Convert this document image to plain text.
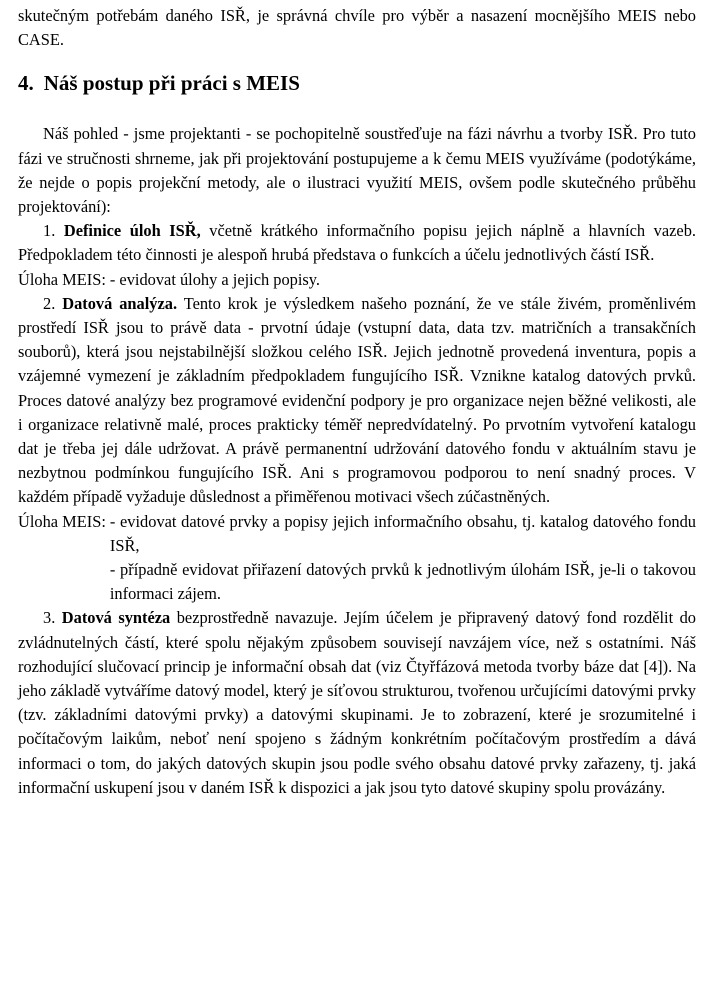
skutečným potřebám daného ISŘ, je správná chvíle pro výběr a nasazení mocnějšího MEIS nebo CASE.

4. Náš postup při práci s MEIS

Náš pohled - jsme projektanti - se pochopitelně soustřeďuje na fázi návrhu a tvorby ISŘ. Pro tuto fázi ve stručnosti shrneme, jak při projektování postupujeme a k čemu MEIS využíváme (podotýkáme, že nejde o popis projekční metody, ale o ilustraci využití MEIS, ovšem podle skutečného průběhu projektování):

1. Definice úloh ISŘ, včetně krátkého informačního popisu jejich náplně a hlavních vazeb. Předpokladem této činnosti je alespoň hrubá představa o funkcích a účelu jednotlivých částí ISŘ.

Úloha MEIS: - evidovat úlohy a jejich popisy.

2. Datová analýza. Tento krok je výsledkem našeho poznání, že ve stále živém, proměnlivém prostředí ISŘ jsou to právě data - prvotní údaje (vstupní data, data tzv. matričních a transakčních souborů), která jsou nejstabilnější složkou celého ISŘ. Jejich jednotně provedená inventura, popis a vzájemné vymezení je základním předpokladem fungujícího ISŘ. Vznikne katalog datových prvků. Proces datové analýzy bez programové evidenční podpory je pro organizace nejen běžné velikosti, ale i organizace relativně malé, proces prakticky téměř nepredvídatelný. Po prvotním vytvoření katalogu dat je třeba jej dále udržovat. A právě permanentní udržování datového fondu v aktuálním stavu je nezbytnou podmínkou fungujícího ISŘ. Ani s programovou podporou to není snadný proces. V každém případě vyžaduje důslednost a přiměřenou motivaci všech zúčastněných.

Úloha MEIS: - evidovat datové prvky a popisy jejich informačního obsahu, tj. katalog datového fondu ISŘ,
- případně evidovat přiřazení datových prvků k jednotlivým úlohám ISŘ, je-li o takovou informaci zájem.

3. Datová syntéza bezprostředně navazuje. Jejím účelem je připravený datový fond rozdělit do zvládnutelných částí, které spolu nějakým způsobem souvisejí navzájem více, než s ostatními. Náš rozhodující slučovací princip je informační obsah dat (viz Čtyřfázová metoda tvorby báze dat [4]). Na jeho základě vytváříme datový model, který je síťovou strukturou, tvořenou určujícími datovými prvky (tzv. základními datovými prvky) a datovými skupinami. Je to zobrazení, které je srozumitelné i počítačovým laikům, neboť není spojeno s žádným konkrétním počítačovým prostředím a dává informaci o tom, do jakých datových skupin jsou podle svého obsahu datové prvky zařazeny, tj. jaká informační uskupení jsou v daném ISŘ k dispozici a jak jsou tyto datové skupiny spolu provázány.
